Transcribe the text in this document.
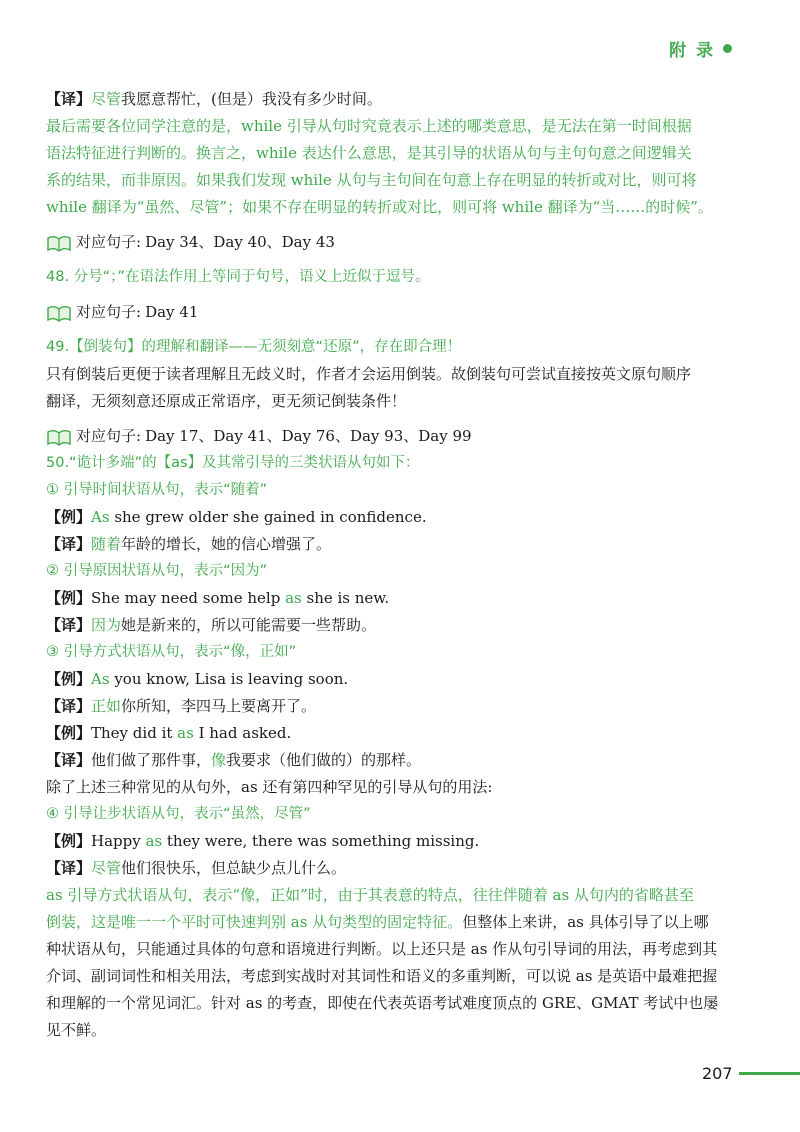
附 录
【译】尽管我愿意帮忙，(但是）我没有多少时间。
最后需要各位同学注意的是，while 引导从句时究竟表示上述的哪类意思，是无法在第一时间根据
语法特征进行判断的。换言之，while 表达什么意思，是其引导的状语从句与主句句意之间逻辑关
系的结果，而非原因。如果我们发现 while 从句与主句间在句意上存在明显的转折或对比，则可将
while 翻译为“虽然、尽管”；如果不存在明显的转折或对比，则可将 while 翻译为“当……的时候”。
对应句子: Day 34、Day 40、Day 43
48. 分号“；”在语法作用上等同于句号，语义上近似于逗号。
对应句子: Day 41
49.【倒装句】的理解和翻译——无须刻意“还原”，存在即合理！
只有倒装后更便于读者理解且无歧义时，作者才会运用倒装。故倒装句可尝试直接按英文原句顺序
翻译，无须刻意还原成正常语序，更无须记倒装条件！
对应句子: Day 17、Day 41、Day 76、Day 93、Day 99
50.“诡计多端”的【as】及其常引导的三类状语从句如下：
① 引导时间状语从句，表示“随着”
【例】As she grew older she gained in confidence.
【译】随着年龄的增长，她的信心增强了。
② 引导原因状语从句，表示“因为”
【例】She may need some help as she is new.
【译】因为她是新来的，所以可能需要一些帮助。
③ 引导方式状语从句，表示“像，正如”
【例】As you know, Lisa is leaving soon.
【译】正如你所知，李四马上要离开了。
【例】They did it as I had asked.
【译】他们做了那件事，像我要求（他们做的）的那样。
除了上述三种常见的从句外，as 还有第四种罕见的引导从句的用法:
④ 引导让步状语从句，表示“虽然，尽管”
【例】Happy as they were, there was something missing.
【译】尽管他们很快乐，但总缺少点儿什么。
as 引导方式状语从句，表示“像，正如”时，由于其表意的特点，往往伴随着 as 从句内的省略甚至
倒装，这是唯一一个平时可快速判别 as 从句类型的固定特征。但整体上来讲，as 具体引导了以上哪
种状语从句，只能通过具体的句意和语境进行判断。以上还只是 as 作从句引导词的用法，再考虑到其
介词、副词词性和相关用法，考虑到实战时对其词性和语义的多重判断，可以说 as 是英语中最难把握
和理解的一个常见词汇。针对 as 的考查，即使在代表英语考试难度顶点的 GRE、GMAT 考试中也屡
见不鲜。
207
